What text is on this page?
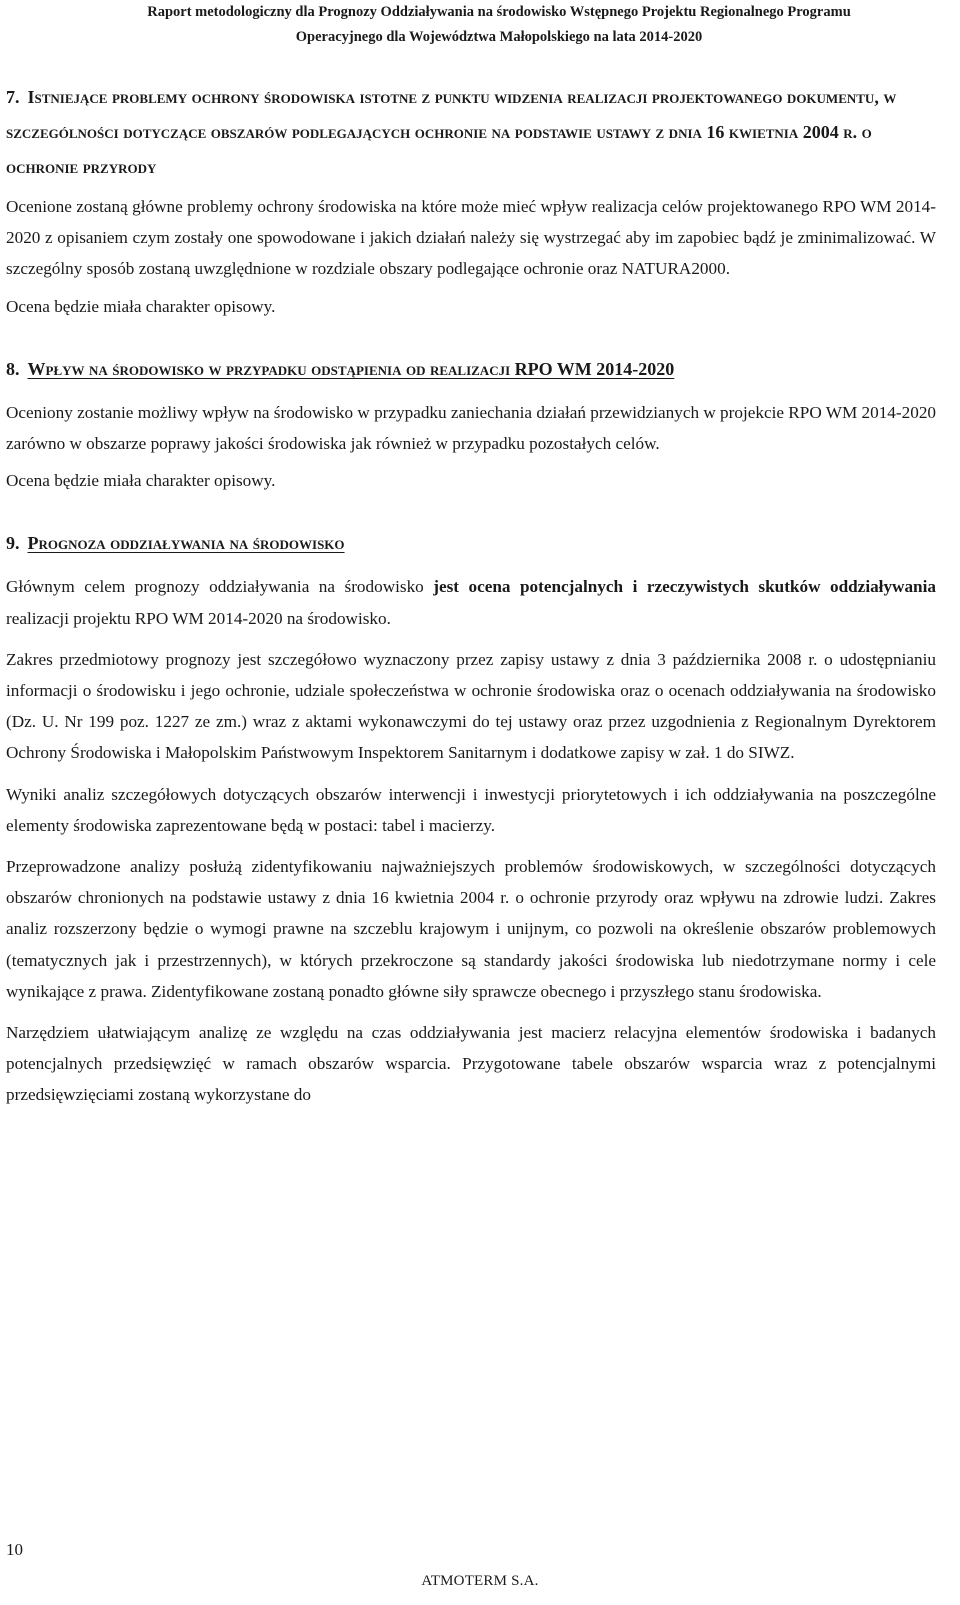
Raport metodologiczny dla Prognozy Oddziaływania na środowisko Wstępnego Projektu Regionalnego Programu
Operacyjnego dla Województwa Małopolskiego na lata 2014-2020
7. Istniejące problemy ochrony środowiska istotne z punktu widzenia realizacji projektowanego dokumentu, w szczególności dotyczące obszarów podlegających ochronie na podstawie ustawy z dnia 16 kwietnia 2004 r. o ochronie przyrody

Ocenione zostaną główne problemy ochrony środowiska na które może mieć wpływ realizacja celów projektowanego RPO WM 2014-2020 z opisaniem czym zostały one spowodowane i jakich działań należy się wystrzegać aby im zapobiec bądź je zminimalizować. W szczególny sposób zostaną uwzględnione w rozdziale obszary podlegające ochronie oraz NATURA2000.

Ocena będzie miała charakter opisowy.

8. Wpływ na środowisko w przypadku odstąpienia od realizacji RPO WM 2014-2020

Oceniony zostanie możliwy wpływ na środowisko w przypadku zaniechania działań przewidzianych w projekcie RPO WM 2014-2020 zarówno w obszarze poprawy jakości środowiska jak również w przypadku pozostałych celów.

Ocena będzie miała charakter opisowy.

9. Prognoza oddziaływania na środowisko

Głównym celem prognozy oddziaływania na środowisko jest ocena potencjalnych i rzeczywistych skutków oddziaływania realizacji projektu RPO WM 2014-2020 na środowisko.

Zakres przedmiotowy prognozy jest szczegółowo wyznaczony przez zapisy ustawy z dnia 3 października 2008 r. o udostępnianiu informacji o środowisku i jego ochronie, udziale społeczeństwa w ochronie środowiska oraz o ocenach oddziaływania na środowisko (Dz. U. Nr 199 poz. 1227 ze zm.) wraz z aktami wykonawczymi do tej ustawy oraz przez uzgodnienia z Regionalnym Dyrektorem Ochrony Środowiska i Małopolskim Państwowym Inspektorem Sanitarnym i dodatkowe zapisy w zał. 1 do SIWZ.

Wyniki analiz szczegółowych dotyczących obszarów interwencji i inwestycji priorytetowych i ich oddziaływania na poszczególne elementy środowiska zaprezentowane będą w postaci: tabel i macierzy.

Przeprowadzone analizy posłużą zidentyfikowaniu najważniejszych problemów środowiskowych, w szczególności dotyczących obszarów chronionych na podstawie ustawy z dnia 16 kwietnia 2004 r. o ochronie przyrody oraz wpływu na zdrowie ludzi. Zakres analiz rozszerzony będzie o wymogi prawne na szczeblu krajowym i unijnym, co pozwoli na określenie obszarów problemowych (tematycznych jak i przestrzennych), w których przekroczone są standardy jakości środowiska lub niedotrzymane normy i cele wynikające z prawa. Zidentyfikowane zostaną ponadto główne siły sprawcze obecnego i przyszłego stanu środowiska.

Narzędziem ułatwiającym analizę ze względu na czas oddziaływania jest macierz relacyjna elementów środowiska i badanych potencjalnych przedsięwzięć w ramach obszarów wsparcia. Przygotowane tabele obszarów wsparcia wraz z potencjalnymi przedsięwzięciami zostaną wykorzystane do

10
ATMOTERM S.A.
